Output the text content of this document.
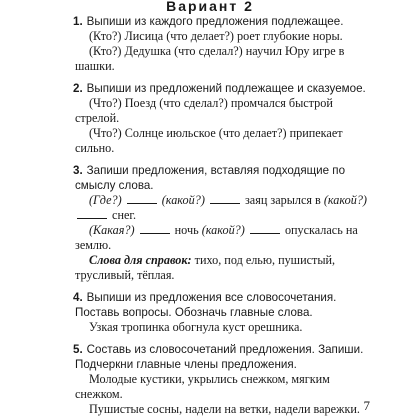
Вариант 2
1. Выпиши из каждого предложения подлежащее.

(Кто?) Лисица (что делает?) роет глубокие норы.

(Кто?) Дедушка (что сделал?) научил Юру игре в шашки.

2. Выпиши из предложений подлежащее и сказуемое.

(Что?) Поезд (что сделал?) промчался быстрой стрелой.

(Что?) Солнце июльское (что делает?) припекает сильно.

3. Запиши предложения, вставляя подходящие по смыслу слова.

(Где?)	(какой?)	заяц зарылся в (какой?)  снег.

(Какая?)	ночь (какой?)	опускалась на землю.

Слова для справок: тихо, под елью, пушистый, трусливый, тёплая.

4. Выпиши из предложения все словосочетания. Поставь вопросы. Обозначь главные слова.

Узкая тропинка обогнула куст орешника.

5. Составь из словосочетаний предложения. Запиши. Подчеркни главные члены предложения.

Молодые кустики, укрылись снежком, мягким снежком.

Пушистые сосны, надели на ветки, надели варежки. 7
